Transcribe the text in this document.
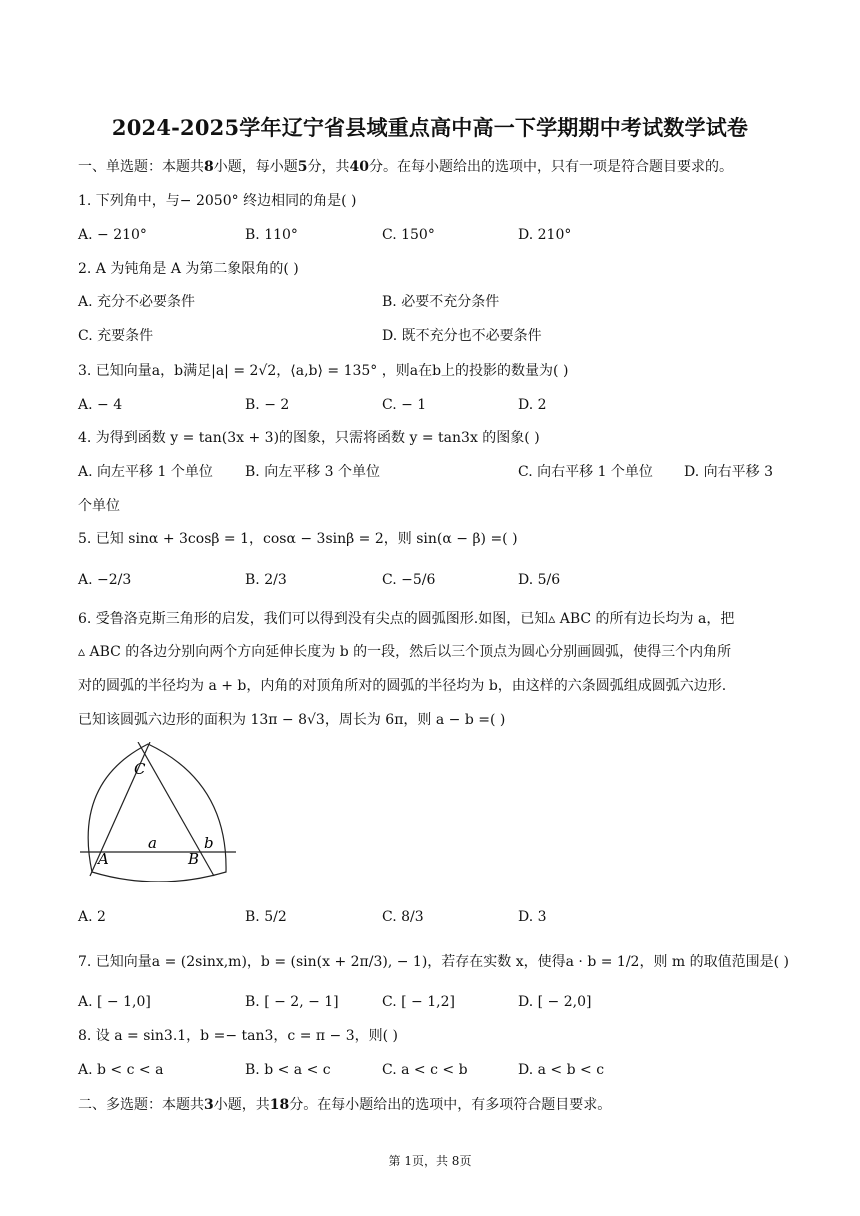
2024-2025学年辽宁省县域重点高中高一下学期期中考试数学试卷
一、单选题：本题共8小题，每小题5分，共40分。在每小题给出的选项中，只有一项是符合题目要求的。
1. 下列角中，与− 2050° 终边相同的角是( )
A. − 210°	B. 110°	C. 150°	D. 210°
2. A 为钝角是 A 为第二象限角的( )
A. 充分不必要条件	B. 必要不充分条件
C. 充要条件	D. 既不充分也不必要条件
3. 已知向量a，b满足|a| = 2√2，⟨a,b⟩ = 135° ，则a在b上的投影的数量为( )
A. − 4	B. − 2	C. − 1	D. 2
4. 为得到函数 y = tan(3x + 3)的图象，只需将函数 y = tan3x 的图象( )
A. 向左平移 1 个单位 B. 向左平移 3 个单位	C. 向右平移 1 个单位 D. 向右平移 3
个单位
5. 已知 sinα + 3cosβ = 1，cosα − 3sinβ = 2，则 sin(α − β) =( )
A. −2/3	B. 2/3	C. −5/6	D. 5/6
6. 受鲁洛克斯三角形的启发，我们可以得到没有尖点的圆弧图形.如图，已知▵ ABC 的所有边长均为 a，把
▵ ABC 的各边分别向两个方向延伸长度为 b 的一段，然后以三个顶点为圆心分别画圆弧，使得三个内角所
对的圆弧的半径均为 a + b，内角的对顶角所对的圆弧的半径均为 b，由这样的六条圆弧组成圆弧六边形.
已知该圆弧六边形的面积为 13π − 8√3，周长为 6π，则 a − b =( )
C
A	B
a	b
A. 2	B. 5/2	C. 8/3	D. 3
7. 已知向量a = (2sinx,m)，b = (sin(x + 2π/3), − 1)，若存在实数 x，使得a · b = 1/2，则 m 的取值范围是( )
A. [ − 1,0]	B. [ − 2, − 1]	C. [ − 1,2]	D. [ − 2,0]
8. 设 a = sin3.1，b =− tan3，c = π − 3，则( )
A. b < c < a	B. b < a < c	C. a < c < b	D. a < b < c
二、多选题：本题共3小题，共18分。在每小题给出的选项中，有多项符合题目要求。
第 1页，共 8页
